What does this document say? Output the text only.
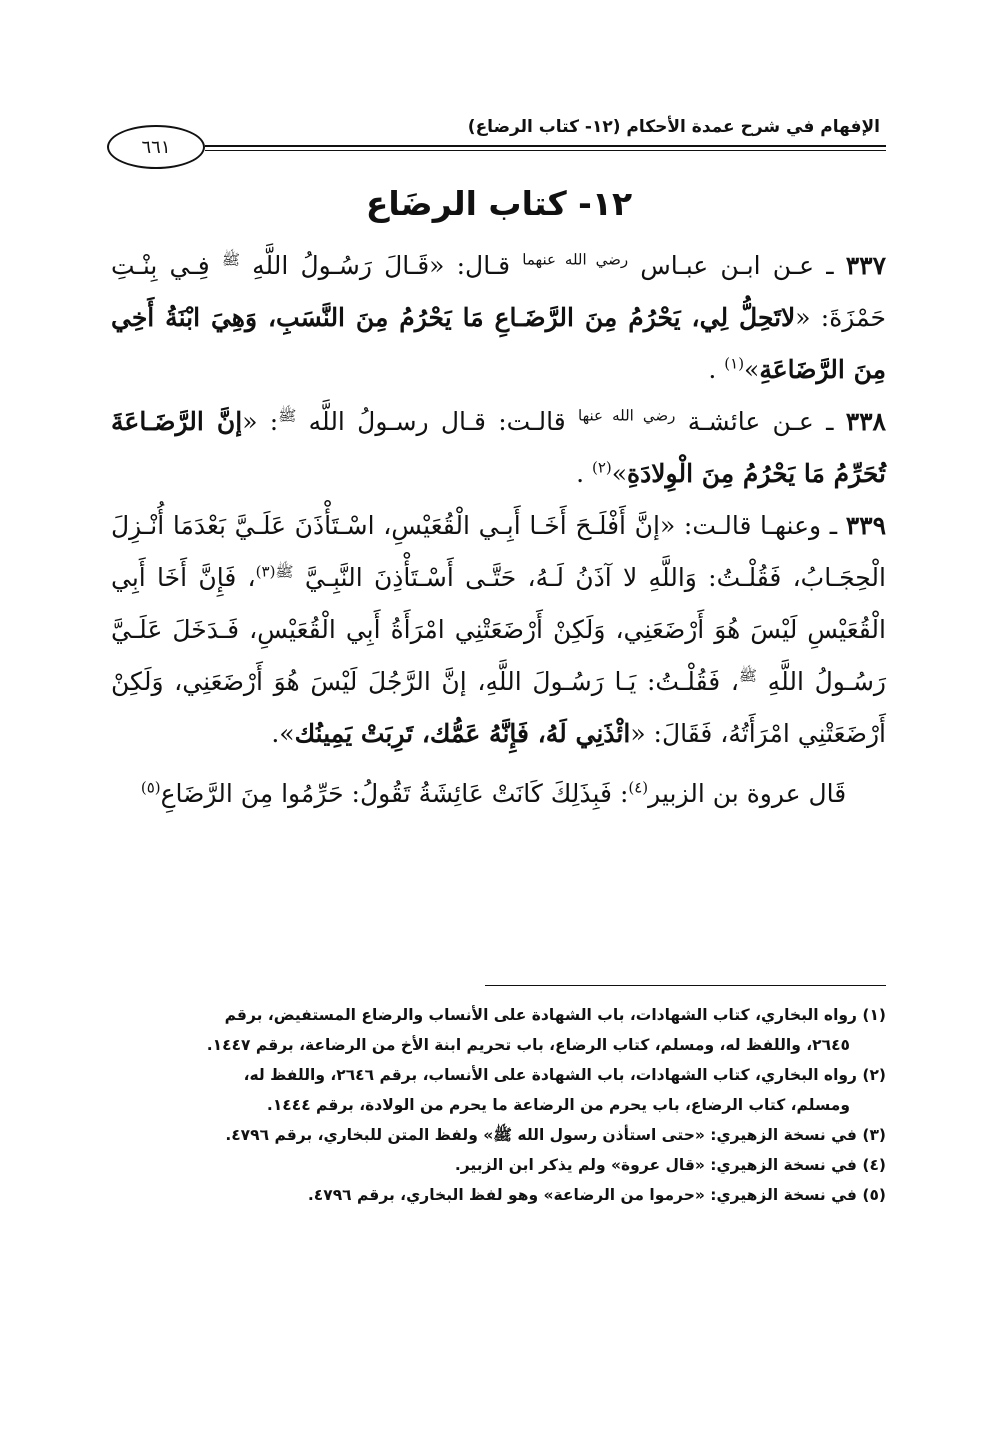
الإفهام في شرح عمدة الأحكام (١٢- كتاب الرضاع)
٦٦١
١٢- كتاب الرضَاع

٣٣٧ ـ عـن ابـن عبـاس $^{رضي الله عنهما}$ قـال: «قَـالَ رَسُـولُ اللَّهِ $^ﷺ$ فِـي بِنْـتِ حَمْزَةَ: «لاتَحِلُّ لِي، يَحْرُمُ مِنَ الرَّضَـاعِ مَا يَحْرُمُ مِنَ النَّسَبِ، وَهِيَ ابْنَةُ أَخِي مِنَ الرَّضَاعَةِ»$^{(١)}$ .

٣٣٨ ـ عـن عائشـة $^{رضي الله عنها}$ قالـت: قـال رسـولُ اللَّه $^ﷺ$: «إنَّ الرَّضَـاعَةَ تُحَرِّمُ مَا يَحْرُمُ مِنَ الْوِلادَةِ»$^{(٢)}$ .

٣٣٩ ـ وعنهـا قالـت: «إنَّ أَفْلَـحَ أَخَـا أَبِـي الْقُعَيْسِ، اسْـتَأْذَنَ عَلَـيَّ بَعْدَمَا أُنْـزِلَ الْحِجَـابُ، فَقُلْـتُ: وَاللَّهِ لا آذَنُ لَـهُ، حَتَّـى أَسْـتَأْذِنَ النَّبِـيَّ $^{ﷺ(٣)}$، فَإِنَّ أَخَا أَبِي الْقُعَيْسِ لَيْسَ هُوَ أَرْضَعَنِي، وَلَكِنْ أَرْضَعَتْنِي امْرَأَةُ أَبِي الْقُعَيْسِ، فَـدَخَلَ عَلَـيَّ رَسُـولُ اللَّهِ $^ﷺ$، فَقُلْـتُ: يَـا رَسُـولَ اللَّهِ، إنَّ الرَّجُلَ لَيْسَ هُوَ أَرْضَعَنِي، وَلَكِنْ أَرْضَعَتْنِي امْرَأَتُهُ، فَقَالَ: «ائْذَنِي لَهُ، فَإِنَّهُ عَمُّك، تَرِبَتْ يَمِينُك».

قَال عروة بن الزبير$^{(٤)}$: فَبِذَلِكَ كَانَتْ عَائِشَةُ تَقُولُ: حَرِّمُوا مِنَ الرَّضَاعِ$^{(٥)}$

(١) رواه البخاري، كتاب الشهادات، باب الشهادة على الأنساب والرضاع المستفيض، برقم

٢٦٤٥، واللفظ له، ومسلم، كتاب الرضاع، باب تحريم ابنة الأخ من الرضاعة، برقم ١٤٤٧.

(٢) رواه البخاري، كتاب الشهادات، باب الشهادة على الأنساب، برقم ٢٦٤٦، واللفظ له،

ومسلم، كتاب الرضاع، باب يحرم من الرضاعة ما يحرم من الولادة، برقم ١٤٤٤.

(٣) في نسخة الزهيري: «حتى استأذن رسول الله ﷺ» ولفظ المتن للبخاري، برقم ٤٧٩٦.

(٤) في نسخة الزهيري: «قال عروة» ولم يذكر ابن الزبير.

(٥) في نسخة الزهيري: «حرموا من الرضاعة» وهو لفظ البخاري، برقم ٤٧٩٦.
